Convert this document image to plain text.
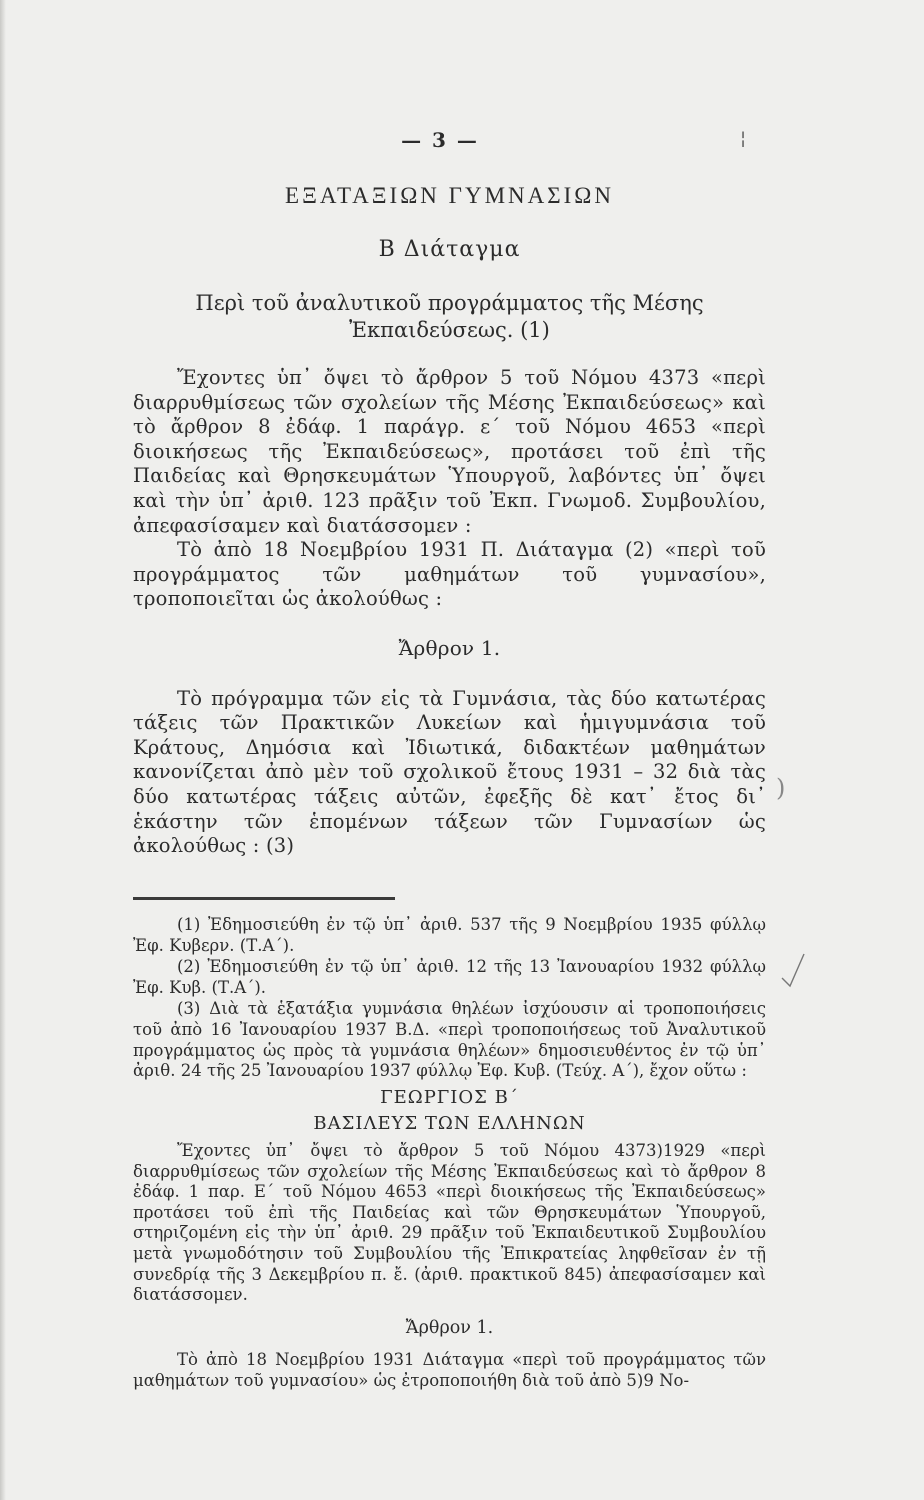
— 3 —	¦
ΕΞΑΤΑΞΙΩΝ ΓΥΜΝΑΣΙΩΝ
Β Διάταγμα
Περὶ τοῦ ἀναλυτικοῦ προγράμματος τῆς Μέσης
Ἐκπαιδεύσεως. (1)

Ἔχοντες ὑπ᾽ ὄψει τὸ ἄρθρον 5 τοῦ Νόμου 4373 «περὶ διαρρυθμίσεως τῶν σχολείων τῆς Μέσης Ἐκπαιδεύσεως» καὶ τὸ ἄρθρον 8 ἐδάφ. 1 παράγρ. ε΄ τοῦ Νόμου 4653 «περὶ διοικήσεως τῆς Ἐκπαιδεύσεως», προτάσει τοῦ ἐπὶ τῆς Παιδείας καὶ Θρησκευμάτων Ὑπουργοῦ, λαβόντες ὑπ᾽ ὄψει καὶ τὴν ὑπ᾽ ἀριθ. 123 πρᾶξιν τοῦ Ἐκπ. Γνωμοδ. Συμβουλίου, ἀπεφασίσαμεν καὶ διατάσσομεν :

Τὸ ἀπὸ 18 Νοεμβρίου 1931 Π. Διάταγμα (2) «περὶ τοῦ προγράμματος τῶν μαθημάτων τοῦ γυμνασίου», τροποποιεῖται ὡς ἀκολούθως :

Ἄρθρον 1.

Τὸ πρόγραμμα τῶν εἰς τὰ Γυμνάσια, τὰς δύο κατωτέρας τάξεις τῶν Πρακτικῶν Λυκείων καὶ ἡμιγυμνάσια τοῦ Κράτους, Δημόσια καὶ Ἰδιωτικά, διδακτέων μαθημάτων κανονίζεται ἀπὸ μὲν τοῦ σχολικοῦ ἔτους 1931 – 32 διὰ τὰς δύο κατωτέρας τάξεις αὐτῶν, ἐφεξῆς δὲ κατ᾽ ἔτος δι᾽ ἑκάστην τῶν ἑπομένων τάξεων τῶν Γυμνασίων ὡς ἀκολούθως : (3)

)

(1) Ἐδημοσιεύθη ἐν τῷ ὑπ᾽ ἀριθ. 537 τῆς 9 Νοεμβρίου 1935 φύλλῳ Ἐφ. Κυβερν. (Τ.Α΄).

(2) Ἐδημοσιεύθη ἐν τῷ ὑπ᾽ ἀριθ. 12 τῆς 13 Ἰανουαρίου 1932 φύλλῳ Ἐφ. Κυβ. (Τ.Α΄).

(3) Διὰ τὰ ἑξατάξια γυμνάσια θηλέων ἰσχύουσιν αἱ τροποποιήσεις τοῦ ἀπὸ 16 Ἰανουαρίου 1937 Β.Δ. «περὶ τροποποιήσεως τοῦ Ἀναλυτικοῦ προγράμματος ὡς πρὸς τὰ γυμνάσια θηλέων» δημοσιευθέντος ἐν τῷ ὑπ᾽ ἀριθ. 24 τῆς 25 Ἰανουαρίου 1937 φύλλῳ Ἐφ. Κυβ. (Τεύχ. Α΄), ἔχον οὕτω :

ΓΕΩΡΓΙΟΣ Β΄

ΒΑΣΙΛΕΥΣ ΤΩΝ ΕΛΛΗΝΩΝ

Ἔχοντες ὑπ᾽ ὄψει τὸ ἄρθρον 5 τοῦ Νόμου 4373)1929 «περὶ διαρρυθμίσεως τῶν σχολείων τῆς Μέσης Ἐκπαιδεύσεως καὶ τὸ ἄρθρον 8 ἐδάφ. 1 παρ. Ε΄ τοῦ Νόμου 4653 «περὶ διοικήσεως τῆς Ἐκπαιδεύσεως» προτάσει τοῦ ἐπὶ τῆς Παιδείας καὶ τῶν Θρησκευμάτων Ὑπουργοῦ, στηριζομένη εἰς τὴν ὑπ᾽ ἀριθ. 29 πρᾶξιν τοῦ Ἐκπαιδευτικοῦ Συμβουλίου μετὰ γνωμοδότησιν τοῦ Συμβουλίου τῆς Ἐπικρατείας ληφθεῖσαν ἐν τῇ συνεδρίᾳ τῆς 3 Δεκεμβρίου π. ἔ. (ἀριθ. πρακτικοῦ 845) ἀπεφασίσαμεν καὶ διατάσσομεν.

Ἄρθρον 1.

Τὸ ἀπὸ 18 Νοεμβρίου 1931 Διάταγμα «περὶ τοῦ προγράμματος τῶν μαθημάτων τοῦ γυμνασίου» ὡς ἐτροποποιήθη διὰ τοῦ ἀπὸ 5)9 Νο-
